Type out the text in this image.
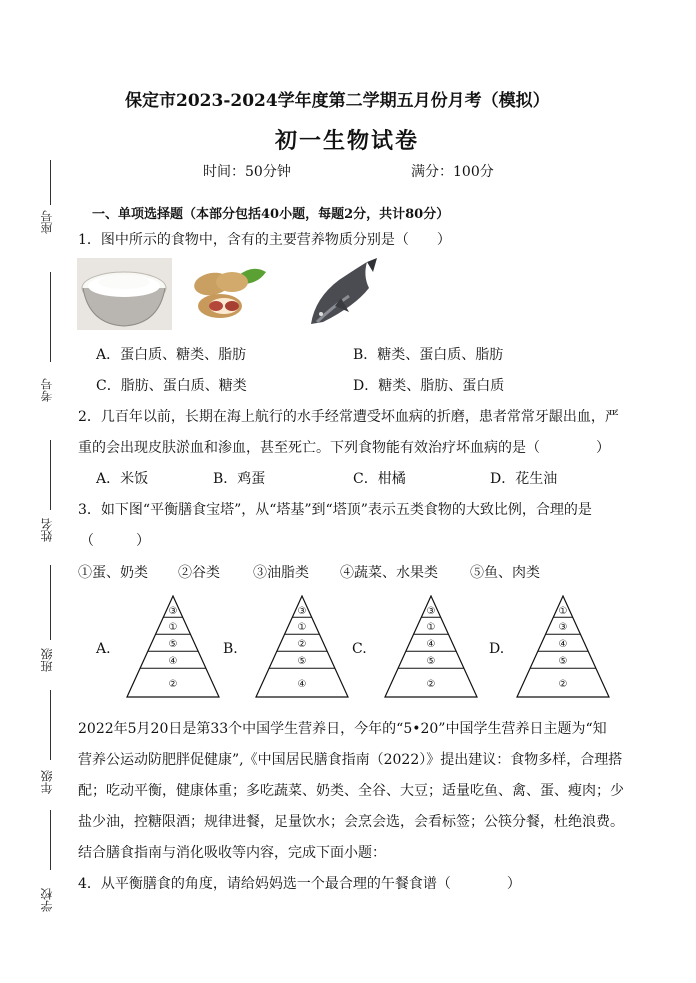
座号
考号
姓名
班级
年级
学校
保定市2023-2024学年度第二学期五月份月考（模拟）
初一生物试卷
时间：50分钟	满分：100分
一、单项选择题（本部分包括40小题，每题2分，共计80分）
1．图中所示的食物中，含有的主要营养物质分别是（　　）
A．蛋白质、糖类、脂肪	B．糖类、蛋白质、脂肪
C．脂肪、蛋白质、糖类	D．糖类、脂肪、蛋白质
2．几百年以前，长期在海上航行的水手经常遭受坏血病的折磨，患者常常牙龈出血，严
重的会出现皮肤淤血和渗血，甚至死亡。下列食物能有效治疗坏血病的是（　　　　）
A．米饭	B．鸡蛋	C．柑橘	D．花生油
3．如下图“平衡膳食宝塔”，从“塔基”到“塔顶”表示五类食物的大致比例，合理的是
（　　　）
①蛋、奶类 ②谷类 ③油脂类 ④蔬菜、水果类 ⑤鱼、肉类
A.
③
①
⑤
④
②
B.
③
①
②
⑤
④
C.
③
①
④
⑤
②
D.
①
③
④
⑤
②
2022年5月20日是第33个中国学生营养日，今年的“5•20”中国学生营养日主题为“知
营养公运动防肥胖促健康”,《中国居民膳食指南（2022）》提出建议：食物多样，合理搭
配；吃动平衡，健康体重；多吃蔬菜、奶类、全谷、大豆；适量吃鱼、禽、蛋、瘦肉；少
盐少油，控糖限酒；规律进餐，足量饮水；会烹会选，会看标签；公筷分餐，杜绝浪费。
结合膳食指南与消化吸收等内容，完成下面小题：
4．从平衡膳食的角度，请给妈妈选一个最合理的午餐食谱（　　　　）
